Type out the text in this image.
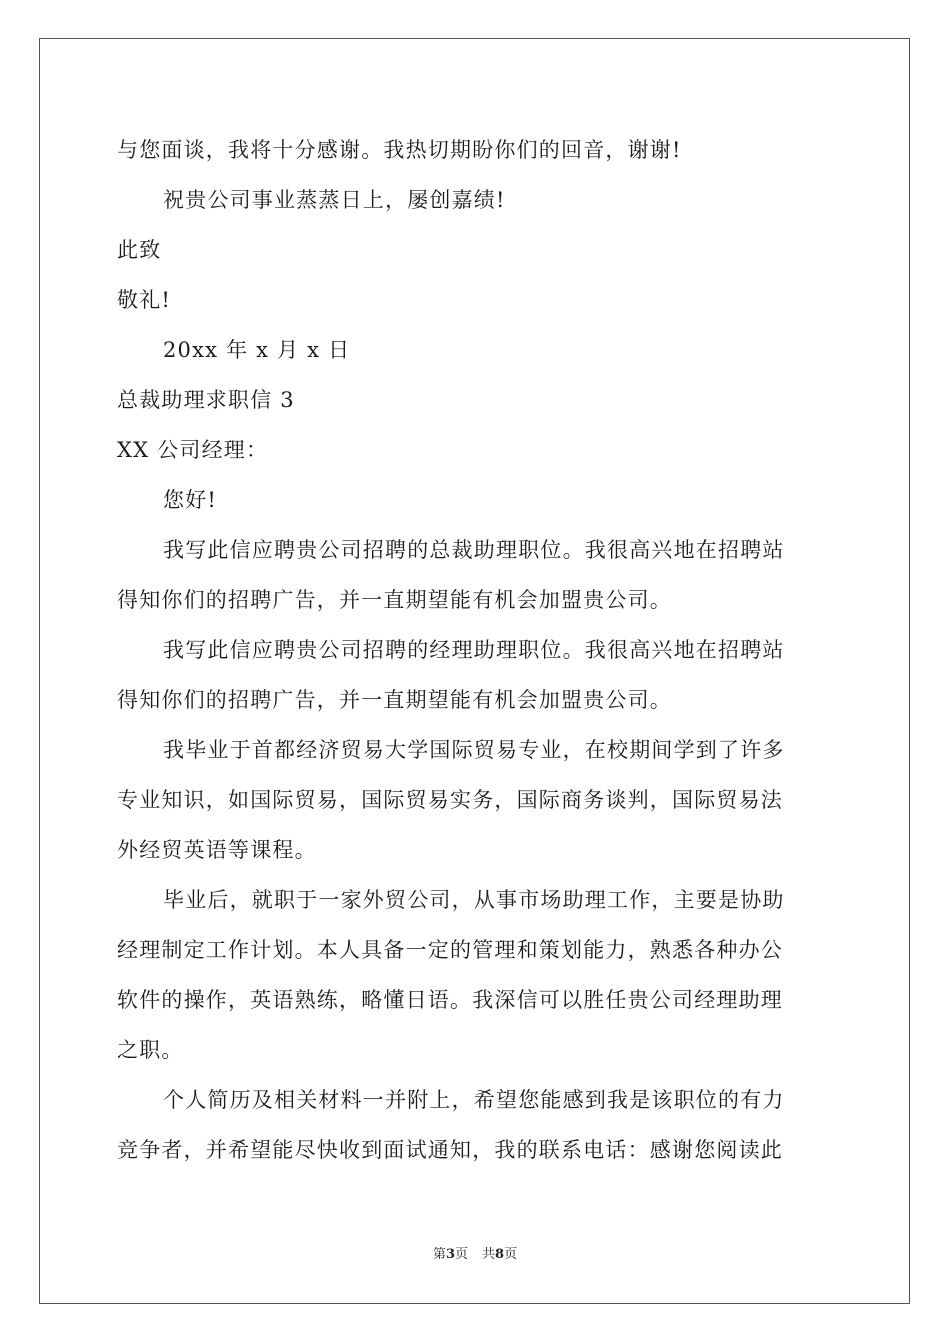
与您面谈，我将十分感谢。我热切期盼你们的回音，谢谢!
祝贵公司事业蒸蒸日上，屡创嘉绩!
此致
敬礼!
20xx 年 x 月 x 日
总裁助理求职信 3
XX 公司经理：
您好!
我写此信应聘贵公司招聘的总裁助理职位。我很高兴地在招聘站
得知你们的招聘广告，并一直期望能有机会加盟贵公司。
我写此信应聘贵公司招聘的经理助理职位。我很高兴地在招聘站
得知你们的招聘广告，并一直期望能有机会加盟贵公司。
我毕业于首都经济贸易大学国际贸易专业，在校期间学到了许多
专业知识，如国际贸易，国际贸易实务，国际商务谈判，国际贸易法
外经贸英语等课程。
毕业后，就职于一家外贸公司，从事市场助理工作，主要是协助
经理制定工作计划。本人具备一定的管理和策划能力，熟悉各种办公
软件的操作，英语熟练，略懂日语。我深信可以胜任贵公司经理助理
之职。
个人简历及相关材料一并附上，希望您能感到我是该职位的有力
竞争者，并希望能尽快收到面试通知，我的联系电话：感谢您阅读此
第3页 共8页
